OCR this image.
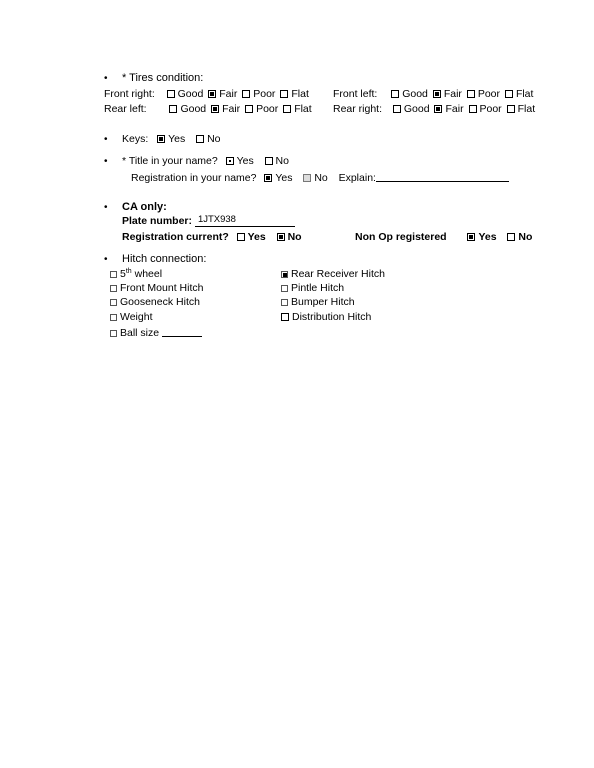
• * Tires condition:
Front right: Good Fair Poor Flat Front left: Good Fair Poor Flat
Rear left:	Good Fair Poor Flat Rear right: Good Fair Poor Flat
• Keys: Yes No
• * Title in your name? Yes No
Registration in your name? Yes No Explain:
• CA only:
Plate number: 1JTX938
Registration current? Yes No	Non Op registered	Yes No
• Hitch connection:
5th wheel
Front Mount Hitch
Gooseneck Hitch
Weight
Ball size
Rear Receiver Hitch
Pintle Hitch
Bumper Hitch
Distribution Hitch
